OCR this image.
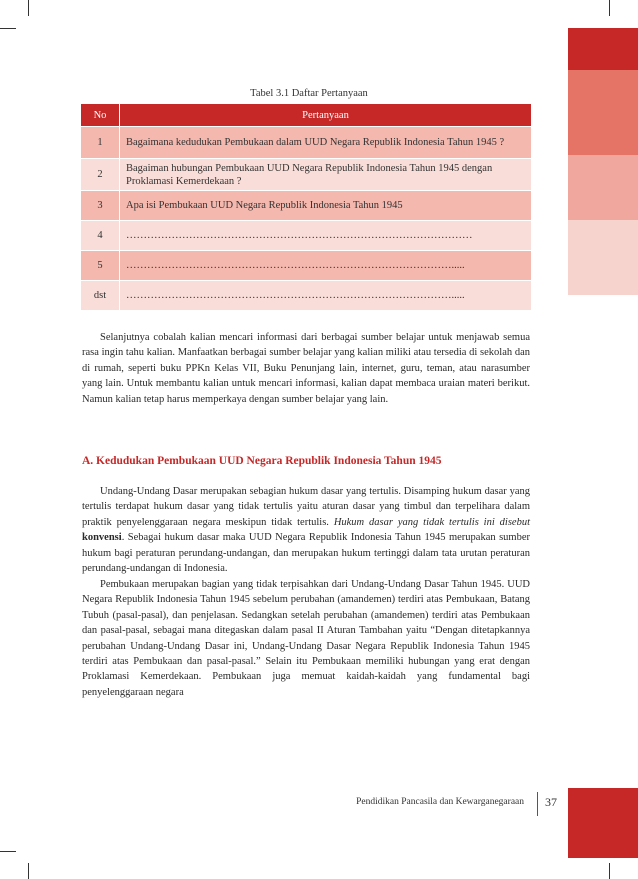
Tabel 3.1 Daftar Pertanyaan
No	Pertanyaan
1	Bagaimana kedudukan Pembukaan dalam UUD Negara Republik Indonesia Tahun 1945 ?
2	Bagaiman hubungan Pembukaan UUD Negara Republik Indonesia Tahun 1945 dengan Proklamasi Kemerdekaan ?
3	Apa isi Pembukaan UUD Negara Republik Indonesia Tahun 1945
4	………………………………………………………………………………………
5	………………………………………………………………………………….....
dst	………………………………………………………………………………….....

Selanjutnya cobalah kalian mencari informasi dari berbagai sumber belajar untuk menjawab semua rasa ingin tahu kalian. Manfaatkan berbagai sumber belajar yang kalian miliki atau tersedia di sekolah dan di rumah, seperti buku PPKn Kelas VII, Buku Penunjang lain, internet, guru, teman, atau narasumber yang lain. Untuk membantu kalian untuk mencari informasi, kalian dapat membaca uraian materi berikut. Namun kalian tetap harus memperkaya dengan sumber belajar yang lain.

A. Kedudukan Pembukaan UUD Negara Republik Indonesia Tahun 1945

Undang-Undang Dasar merupakan sebagian hukum dasar yang tertulis. Disamping hukum dasar yang tertulis terdapat hukum dasar yang tidak tertulis yaitu aturan dasar yang timbul dan terpelihara dalam praktik penyelenggaraan negara meskipun tidak tertulis. Hukum dasar yang tidak tertulis ini disebut konvensi. Sebagai hukum dasar maka UUD Negara Republik Indonesia Tahun 1945 merupakan sumber hukum bagi peraturan perundang-undangan, dan merupakan hukum tertinggi dalam tata urutan peraturan perundang-undangan di Indonesia.

Pembukaan merupakan bagian yang tidak terpisahkan dari Undang-Undang Dasar Tahun 1945. UUD Negara Republik Indonesia Tahun 1945 sebelum perubahan (amandemen) terdiri atas Pembukaan, Batang Tubuh (pasal-pasal), dan penjelasan. Sedangkan setelah perubahan (amandemen) terdiri atas Pembukaan dan pasal-pasal, sebagai mana ditegaskan dalam pasal II Aturan Tambahan yaitu “Dengan ditetapkannya perubahan Undang-Undang Dasar ini, Undang-Undang Dasar Negara Republik Indonesia Tahun 1945 terdiri atas Pembukaan dan pasal-pasal.” Selain itu Pembukaan memiliki hubungan yang erat dengan Proklamasi Kemerdekaan. Pembukaan juga memuat kaidah-kaidah yang fundamental bagi penyelenggaraan negara

Pendidikan Pancasila dan Kewarganegaraan 37
